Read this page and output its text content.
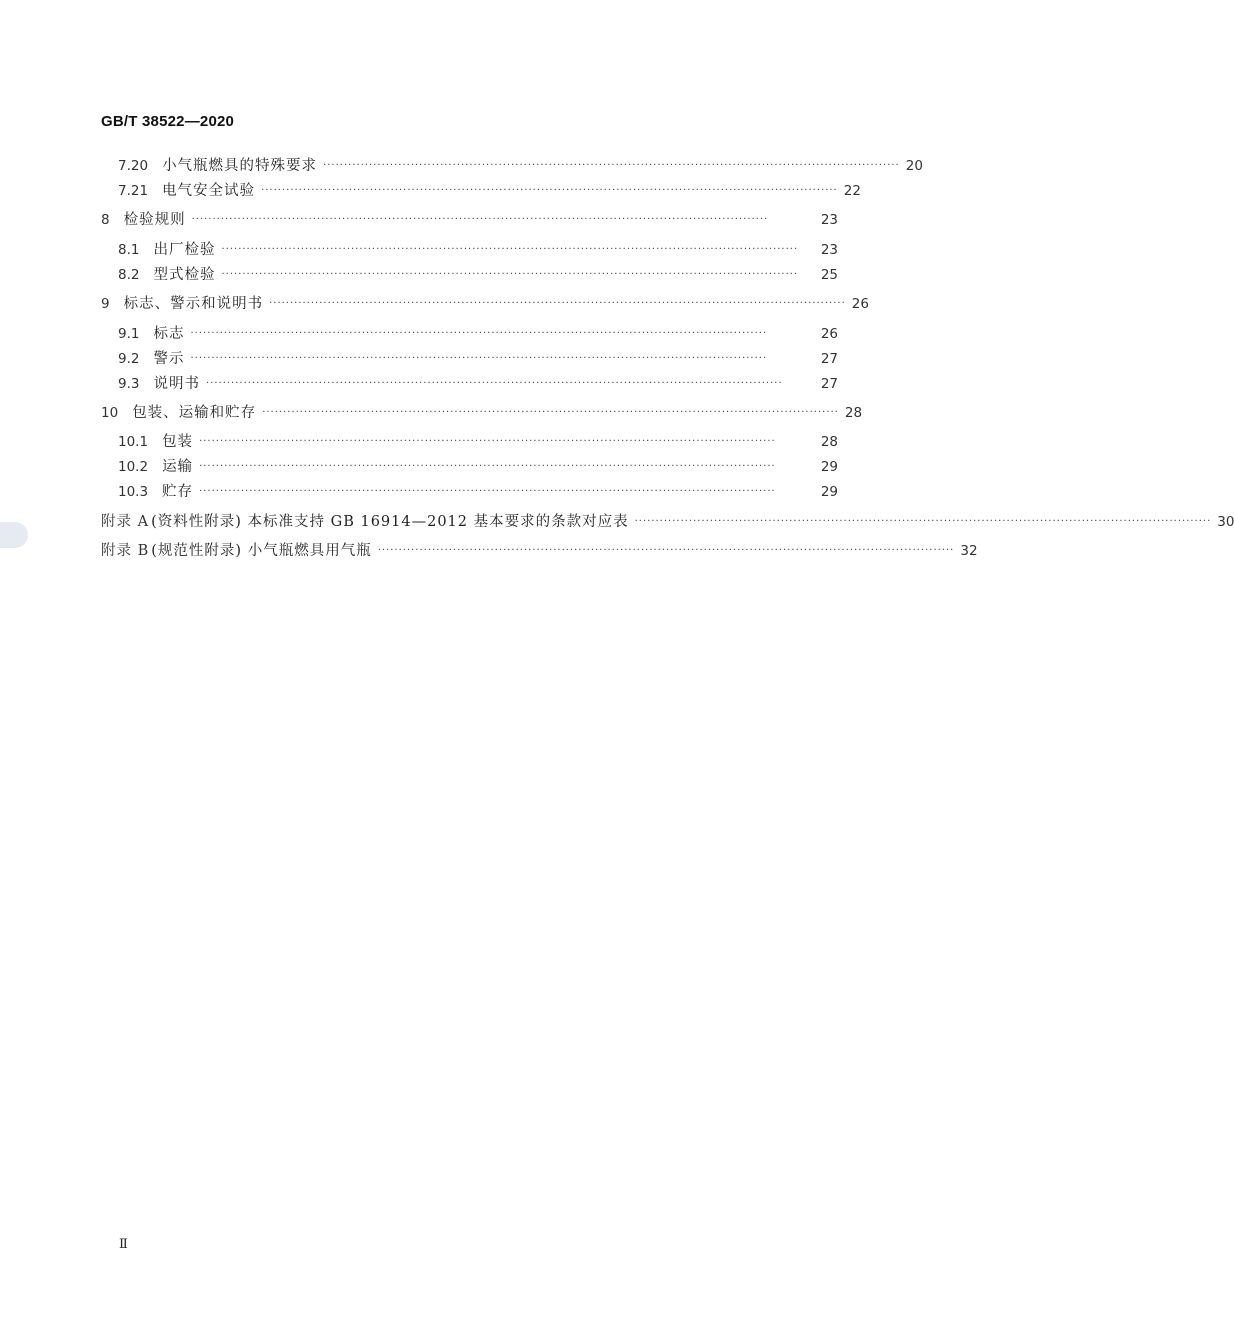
GB/T 38522—2020
7.20 小气瓶燃具的特殊要求 ·········································································································································· 20
7.21 电气安全试验 ·········································································································································· 22
8 检验规则 ··········································································································································	23
8.1 出厂检验 ··········································································································································	23
8.2 型式检验 ··········································································································································	25
9 标志、警示和说明书 ·········································································································································· 26
9.1 标志 ··········································································································································	26
9.2 警示 ··········································································································································	27
9.3 说明书 ··········································································································································	27
10 包装、运输和贮存 ·········································································································································· 28
10.1 包装 ··········································································································································	28
10.2 运输 ··········································································································································	29
10.3 贮存 ··········································································································································	29
附录 A (资料性附录) 本标准支持 GB 16914—2012 基本要求的条款对应表 ·········································································································································· 30
附录 B (规范性附录) 小气瓶燃具用气瓶 ·········································································································································· 32
Ⅱ
